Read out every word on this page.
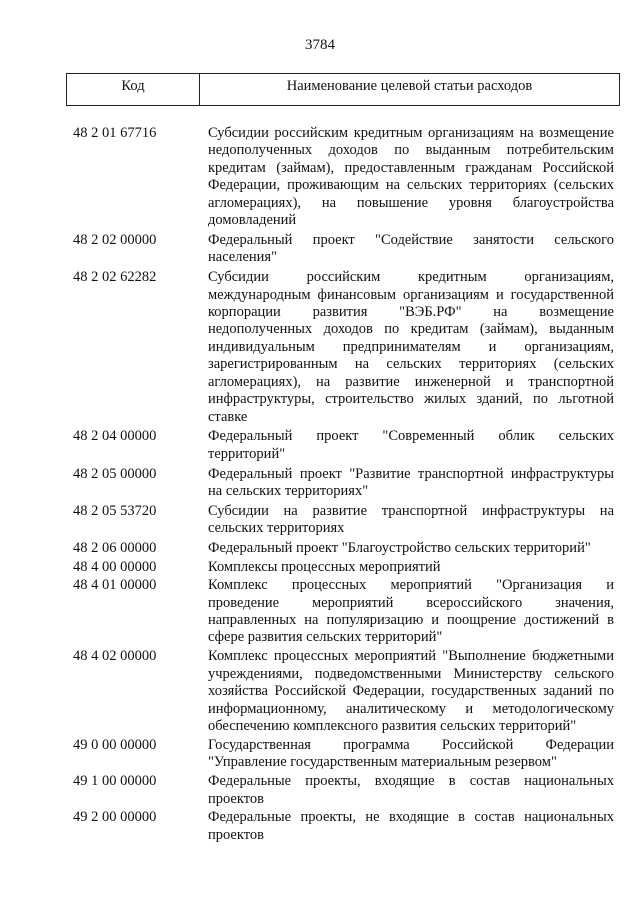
3784
Код	Наименование целевой статьи расходов
48 2 01 67716	Субсидии российским кредитным организациям на возмещение
недополученных доходов по выданным потребительским
кредитам (займам), предоставленным гражданам Российской
Федерации, проживающим на сельских территориях (сельских
агломерациях), на повышение уровня благоустройства
домовладений
48 2 02 00000	Федеральный проект "Содействие занятости сельского
населения"
48 2 02 62282	Субсидии российским кредитным организациям,
международным финансовым организациям и государственной
корпорации развития "ВЭБ.РФ" на возмещение
недополученных доходов по кредитам (займам), выданным
индивидуальным предпринимателям и организациям,
зарегистрированным на сельских территориях (сельских
агломерациях), на развитие инженерной и транспортной
инфраструктуры, строительство жилых зданий, по льготной
ставке
48 2 04 00000	Федеральный проект "Современный облик сельских
территорий"
48 2 05 00000	Федеральный проект "Развитие транспортной инфраструктуры
на сельских территориях"
48 2 05 53720	Субсидии на развитие транспортной инфраструктуры на
сельских территориях
48 2 06 00000	Федеральный проект "Благоустройство сельских территорий"
48 4 00 00000	Комплексы процессных мероприятий
48 4 01 00000	Комплекс процессных мероприятий "Организация и
проведение мероприятий всероссийского значения,
направленных на популяризацию и поощрение достижений в
сфере развития сельских территорий"
48 4 02 00000	Комплекс процессных мероприятий "Выполнение бюджетными
учреждениями, подведомственными Министерству сельского
хозяйства Российской Федерации, государственных заданий по
информационному, аналитическому и методологическому
обеспечению комплексного развития сельских территорий"
49 0 00 00000	Государственная программа Российской Федерации
"Управление государственным материальным резервом"
49 1 00 00000	Федеральные проекты, входящие в состав национальных
проектов
49 2 00 00000	Федеральные проекты, не входящие в состав национальных
проектов
